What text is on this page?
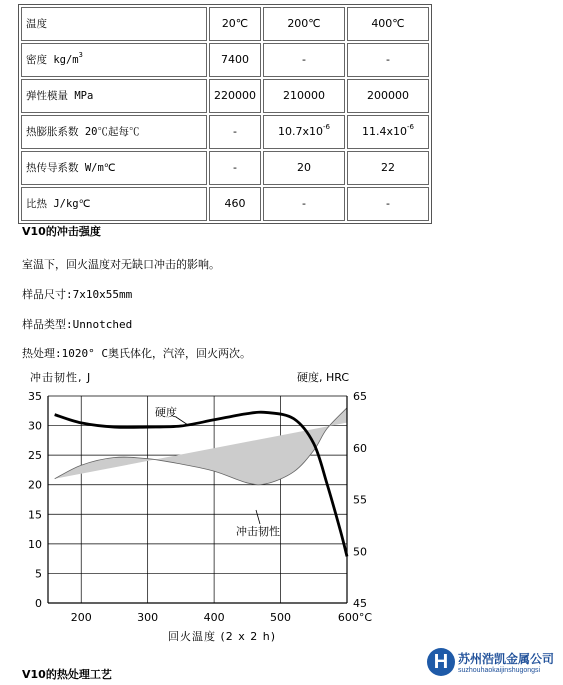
温度	20℃	200℃	400℃
密度 $kg/m^3$	7400	-	-
弹性模量 MPa	220000	210000	200000
热膨胀系数 20℃起每℃	-	$10.7x10^{-6}$	$11.4x10^{-6}$
热传导系数 W/m℃	-	20	22
比热 J/kg℃	460	-	-
V10的冲击强度
室温下，回火温度对无缺口冲击的影响。
样品尺寸:7x10x55mm
样品类型:Unnotched
热处理:1020° C奥氏体化，汽淬，回火两次。
0
5
10
15
20
25
30
35
45
50
55
60
65
200	300	400	500	600°C
冲击韧性, J	硬度, HRC
回火温度 (2 x 2 h)
硬度
冲击韧性
V10的热处理工艺
H 苏州浩凯金属公司
suzhouhaokaijinshugongsi
